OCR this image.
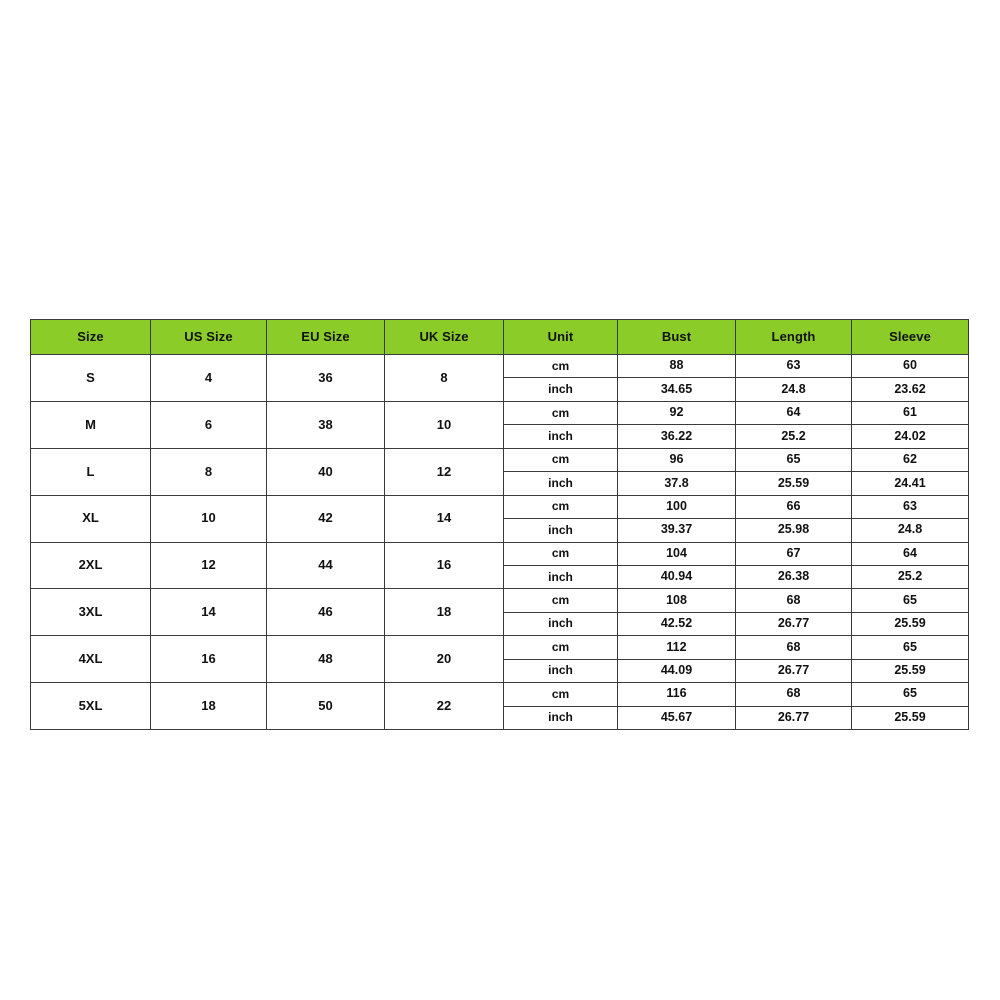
Size	US Size	EU Size	UK Size	Unit	Bust	Length	Sleeve
S	4	36	8	cm	88	63	60
				inch	34.65	24.8	23.62
M	6	38	10	cm	92	64	61
				inch	36.22	25.2	24.02
L	8	40	12	cm	96	65	62
				inch	37.8	25.59	24.41
XL	10	42	14	cm	100	66	63
				inch	39.37	25.98	24.8
2XL	12	44	16	cm	104	67	64
				inch	40.94	26.38	25.2
3XL	14	46	18	cm	108	68	65
				inch	42.52	26.77	25.59
4XL	16	48	20	cm	112	68	65
				inch	44.09	26.77	25.59
5XL	18	50	22	cm	116	68	65
				inch	45.67	26.77	25.59
